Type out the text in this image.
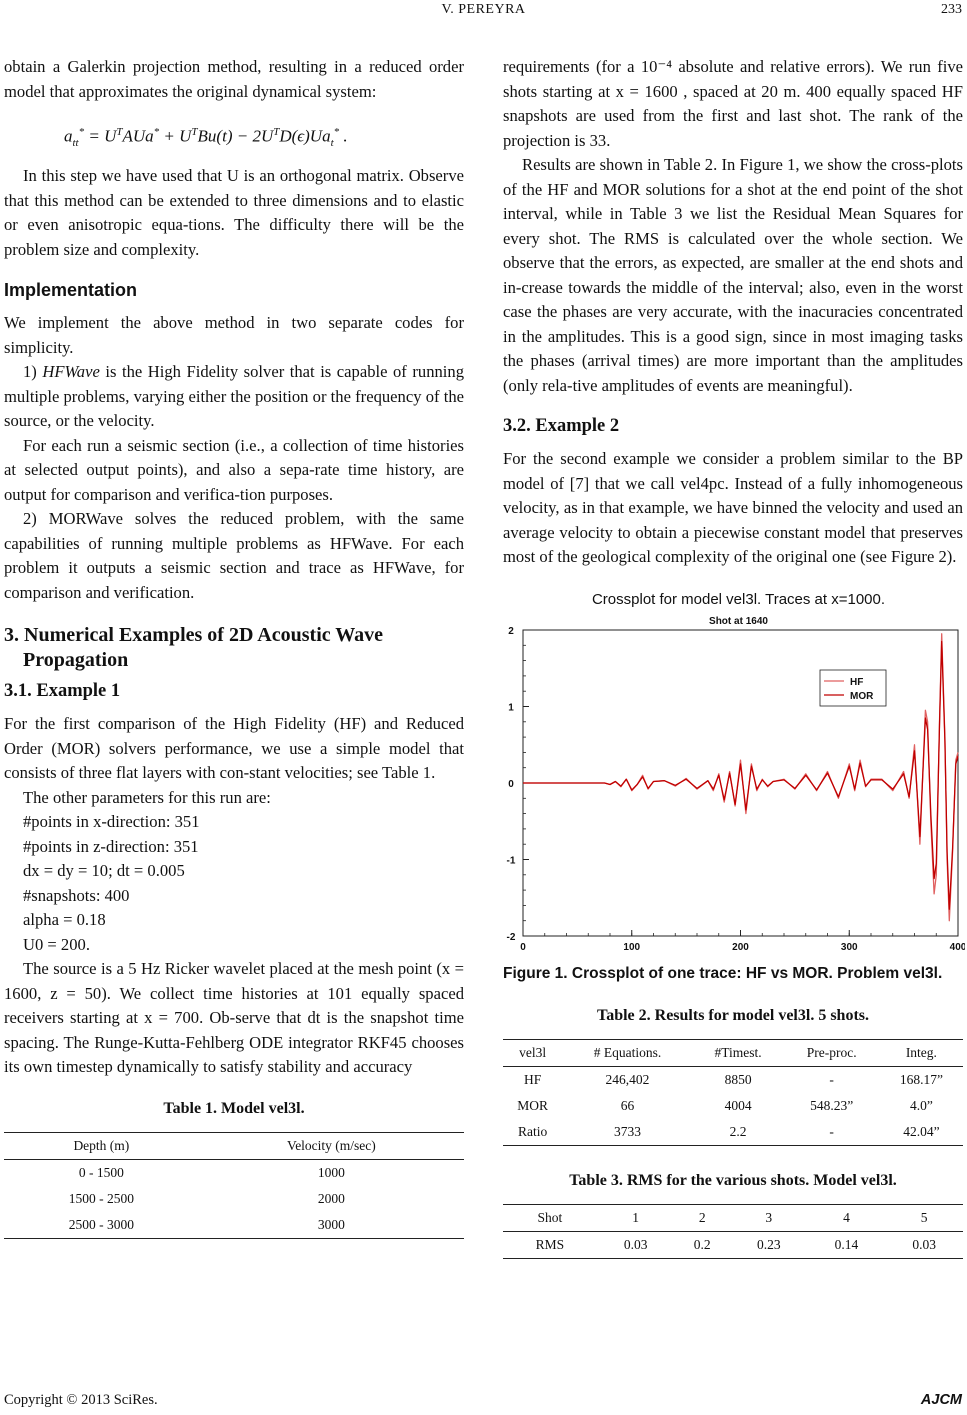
V. PEREYRA	233

obtain a Galerkin projection method, resulting in a reduced order model that approximates the original dynamical system:

$a_{tt}^* = U^TAUa^* + U^TBu(t) - 2U^TD(\epsilon)Ua_t^*$ .

In this step we have used that U is an orthogonal matrix. Observe that this method can be extended to three dimensions and to elastic or even anisotropic equa-tions. The difficulty there will be the problem size and complexity.

Implementation

We implement the above method in two separate codes for simplicity.

1) HFWave is the High Fidelity solver that is capable of running multiple problems, varying either the position or the frequency of the source, or the velocity.

For each run a seismic section (i.e., a collection of time histories at selected output points), and also a sepa-rate time history, are output for comparison and verifica-tion purposes.

2) MORWave solves the reduced problem, with the same capabilities of running multiple problems as HFWave. For each problem it outputs a seismic section and trace as HFWave, for comparison and verification.

3. Numerical Examples of 2D Acoustic Wave
Propagation
3.1. Example 1

For the first comparison of the High Fidelity (HF) and Reduced Order (MOR) solvers performance, we use a simple model that consists of three flat layers with con-stant velocities; see Table 1.

The other parameters for this run are:

#points in x-direction: 351

#points in z-direction: 351

dx = dy = 10; dt = 0.005

#snapshots: 400

alpha = 0.18

U0 = 200.

The source is a 5 Hz Ricker wavelet placed at the mesh point (x = 1600, z = 50). We collect time histories at 101 equally spaced receivers starting at x = 700. Ob-serve that dt is the snapshot time spacing. The Runge-Kutta-Fehlberg ODE integrator RKF45 chooses its own timestep dynamically to satisfy stability and accuracy

Table 1. Model vel3l.
Depth (m)	Velocity (m/sec)
0 - 1500	1000
1500 - 2500	2000
2500 - 3000	3000

requirements (for a 10⁻⁴ absolute and relative errors). We run five shots starting at x = 1600 , spaced at 20 m. 400 equally spaced HF snapshots are used from the first and last shot. The rank of the projection is 33.

Results are shown in Table 2. In Figure 1, we show the cross-plots of the HF and MOR solutions for a shot at the end point of the shot interval, while in Table 3 we list the Residual Mean Squares for every shot. The RMS is calculated over the whole section. We observe that the errors, as expected, are smaller at the end shots and in-crease towards the middle of the interval; also, even in the worst case the phases are very accurate, with the inacuracies concentrated in the amplitudes. This is a good sign, since in most imaging tasks the phases (arrival times) are more important than the amplitudes (only rela-tive amplitudes of events are meaningful).

3.2. Example 2

For the second example we consider a problem similar to the BP model of [7] that we call vel4pc. Instead of a fully inhomogeneous velocity, as in that example, we have binned the velocity and used an average velocity to obtain a piecewise constant model that preserves most of the geological complexity of the original one (see Figure 2).

Crossplot for model vel3l. Traces at x=1000.
Shot at 1640
-2
-1
0
1
2
0	100	200	300	400
HF
MOR
Figure 1. Crossplot of one trace: HF vs MOR. Problem vel3l.
Table 2. Results for model vel3l. 5 shots.
vel3l	# Equations.	#Timest.	Pre-proc.	Integ.
HF	246,402	8850	-	168.17”
MOR	66	4004	548.23”	4.0”
Ratio	3733	2.2	-	42.04”
Table 3. RMS for the various shots. Model vel3l.
Shot	1	2	3	4	5
RMS	0.03	0.2	0.23	0.14	0.03
Copyright © 2013 SciRes.	AJCM
